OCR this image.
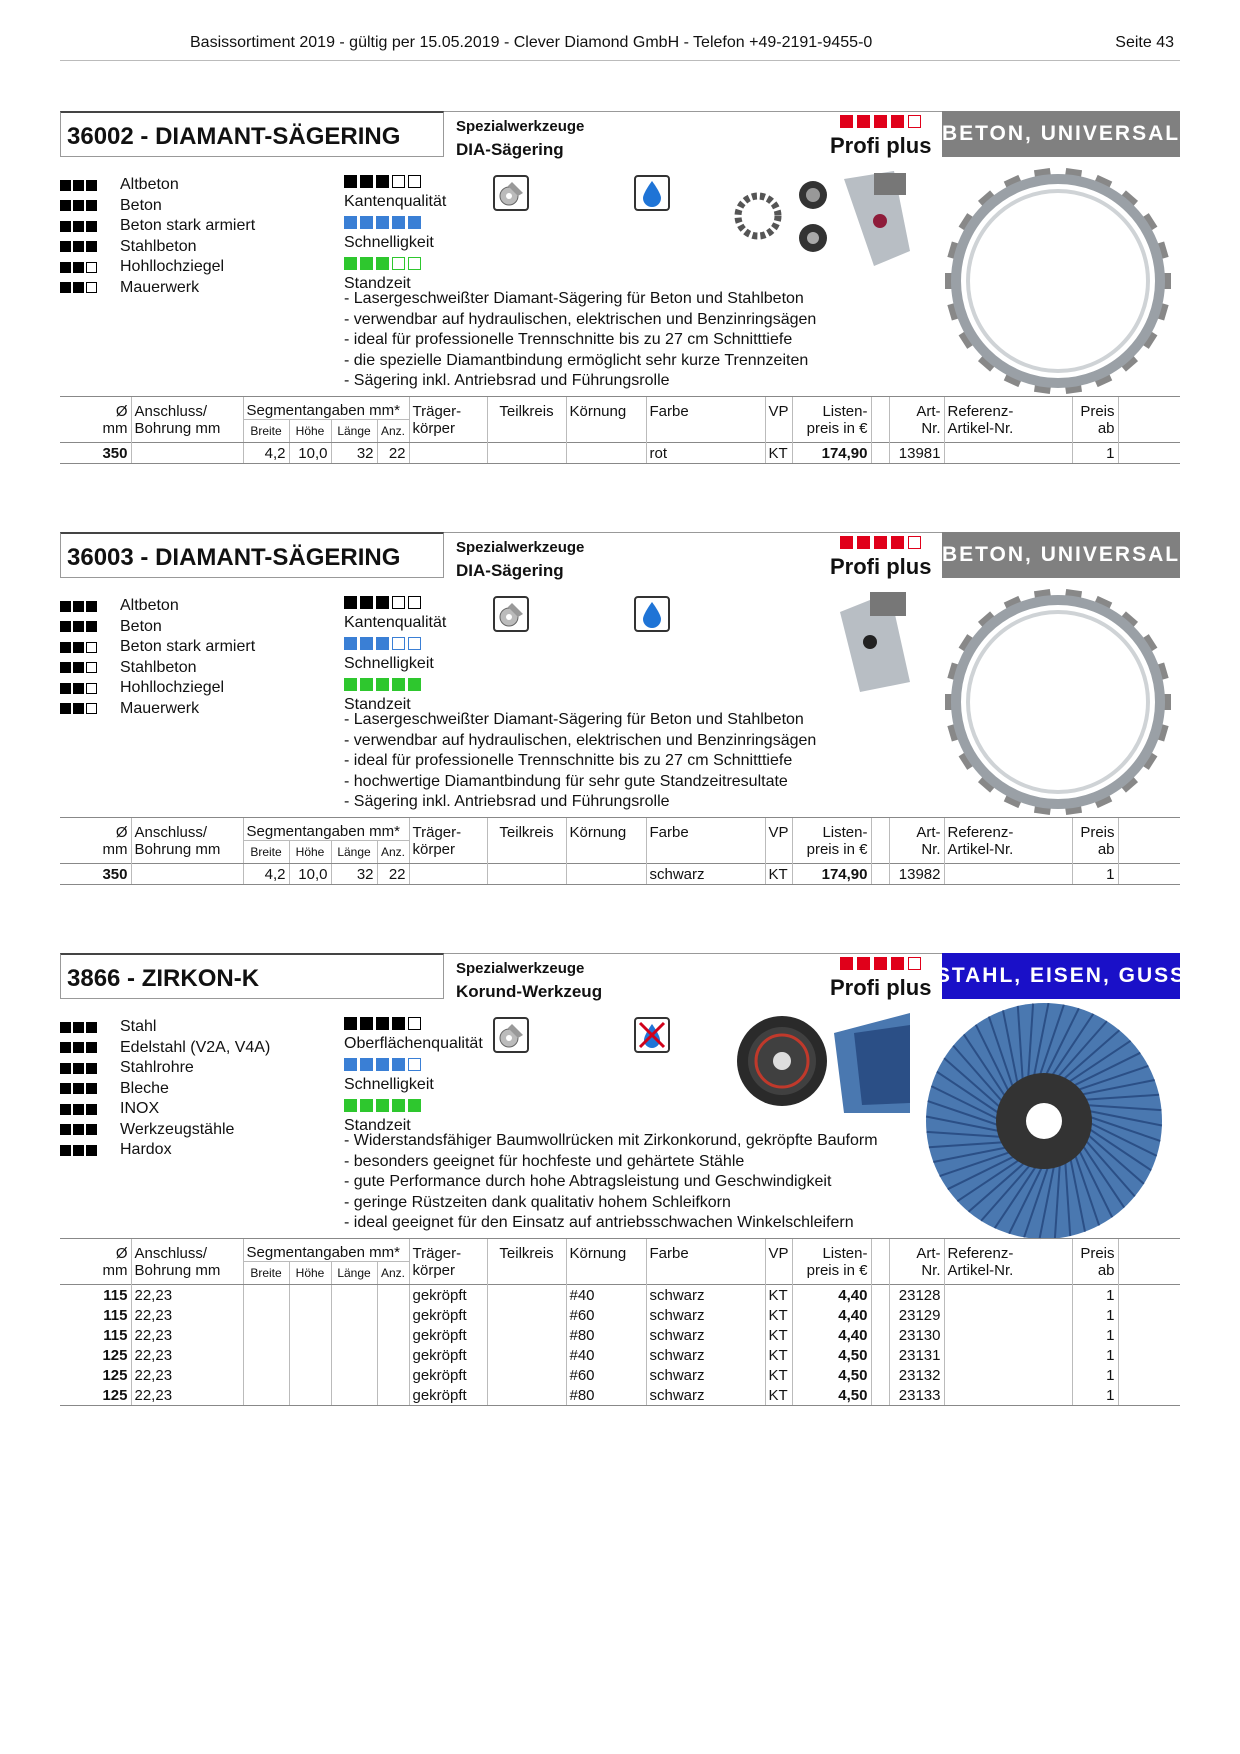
Basissortiment 2019 - gültig per 15.05.2019 - Clever Diamond GmbH - Telefon +49-2191-9455-0	Seite 43
36002 - DIAMANT-SÄGERING	Spezialwerkzeuge
DIA-Sägering	Profi plus BETON, UNIVERSAL
Altbeton
Beton
Beton stark armiert
Stahlbeton
Hohllochziegel
Mauerwerk
Kantenqualität
Schnelligkeit
Standzeit
- Lasergeschweißter Diamant-Sägering für Beton und Stahlbeton
- verwendbar auf hydraulischen, elektrischen und Benzinringsägen
- ideal für professionelle Trennschnitte bis zu 27 cm Schnitttiefe
- die spezielle Diamantbindung ermöglicht sehr kurze Trennzeiten
- Sägering inkl. Antriebsrad und Führungsrolle
Ø	Anschluss/	Segmentangaben mm*				Träger-	Teilkreis	Körnung	Farbe	VP	Listen-		Art-	Referenz-	Preis	
mm	Bohrung mm	Breite	Höhe	Länge	Anz.	körper					preis in €		Nr.	Artikel-Nr.	ab	
350		4,2	10,0	32	22				rot	KT	174,90		13981		1	
36003 - DIAMANT-SÄGERING	Spezialwerkzeuge
DIA-Sägering	Profi plus BETON, UNIVERSAL
Altbeton
Beton
Beton stark armiert
Stahlbeton
Hohllochziegel
Mauerwerk
Kantenqualität
Schnelligkeit
Standzeit
- Lasergeschweißter Diamant-Sägering für Beton und Stahlbeton
- verwendbar auf hydraulischen, elektrischen und Benzinringsägen
- ideal für professionelle Trennschnitte bis zu 27 cm Schnitttiefe
- hochwertige Diamantbindung für sehr gute Standzeitresultate
- Sägering inkl. Antriebsrad und Führungsrolle
Ø	Anschluss/	Segmentangaben mm*				Träger-	Teilkreis	Körnung	Farbe	VP	Listen-		Art-	Referenz-	Preis	
mm	Bohrung mm	Breite	Höhe	Länge	Anz.	körper					preis in €		Nr.	Artikel-Nr.	ab	
350		4,2	10,0	32	22				schwarz	KT	174,90		13982		1	
3866 - ZIRKON-K	Spezialwerkzeuge
Korund-Werkzeug	Profi plus STAHL, EISEN, GUSS
Stahl
Edelstahl (V2A, V4A)
Stahlrohre
Bleche
INOX
Werkzeugstähle
Hardox
Oberflächenqualität
Schnelligkeit
Standzeit
- Widerstandsfähiger Baumwollrücken mit Zirkonkorund, gekröpfte Bauform
- besonders geeignet für hochfeste und gehärtete Stähle
- gute Performance durch hohe Abtragsleistung und Geschwindigkeit
- geringe Rüstzeiten dank qualitativ hohem Schleifkorn
- ideal geeignet für den Einsatz auf antriebsschwachen Winkelschleifern
Ø	Anschluss/	Segmentangaben mm*				Träger-	Teilkreis	Körnung	Farbe	VP	Listen-		Art-	Referenz-	Preis	
mm	Bohrung mm	Breite	Höhe	Länge	Anz.	körper					preis in €		Nr.	Artikel-Nr.	ab	
115	22,23					gekröpft		#40	schwarz	KT	4,40		23128		1	
115	22,23					gekröpft		#60	schwarz	KT	4,40		23129		1	
115	22,23					gekröpft		#80	schwarz	KT	4,40		23130		1	
125	22,23					gekröpft		#40	schwarz	KT	4,50		23131		1	
125	22,23					gekröpft		#60	schwarz	KT	4,50		23132		1	
125	22,23					gekröpft		#80	schwarz	KT	4,50		23133		1	
